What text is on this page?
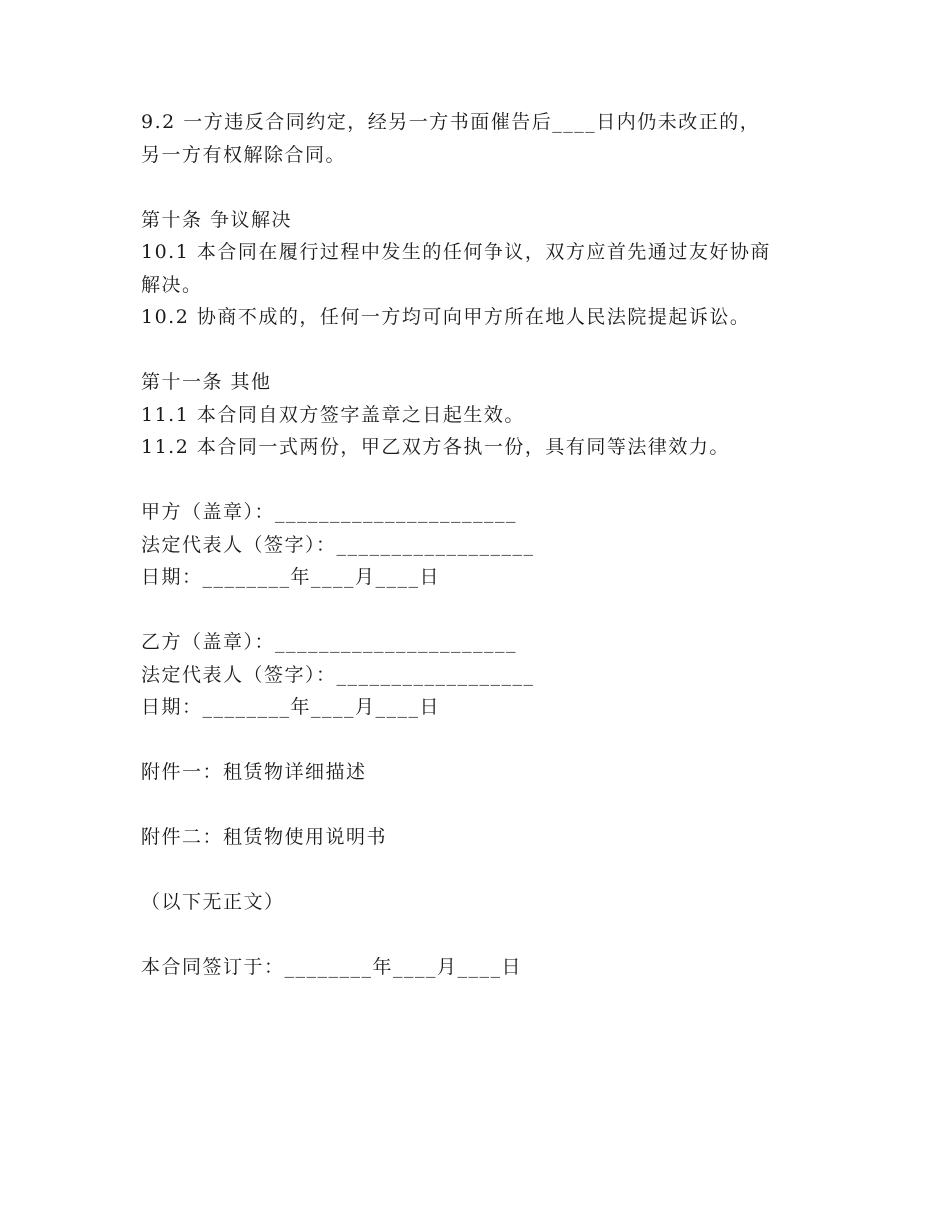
9.2 一方违反合同约定，经另一方书面催告后____日内仍未改正的，
另一方有权解除合同。
第十条 争议解决
10.1 本合同在履行过程中发生的任何争议，双方应首先通过友好协商
解决。
10.2 协商不成的，任何一方均可向甲方所在地人民法院提起诉讼。
第十一条 其他
11.1 本合同自双方签字盖章之日起生效。
11.2 本合同一式两份，甲乙双方各执一份，具有同等法律效力。
甲方（盖章）：______________________
法定代表人（签字）：__________________
日期：________年____月____日
乙方（盖章）：______________________
法定代表人（签字）：__________________
日期：________年____月____日
附件一：租赁物详细描述
附件二：租赁物使用说明书
（以下无正文）
本合同签订于：________年____月____日
